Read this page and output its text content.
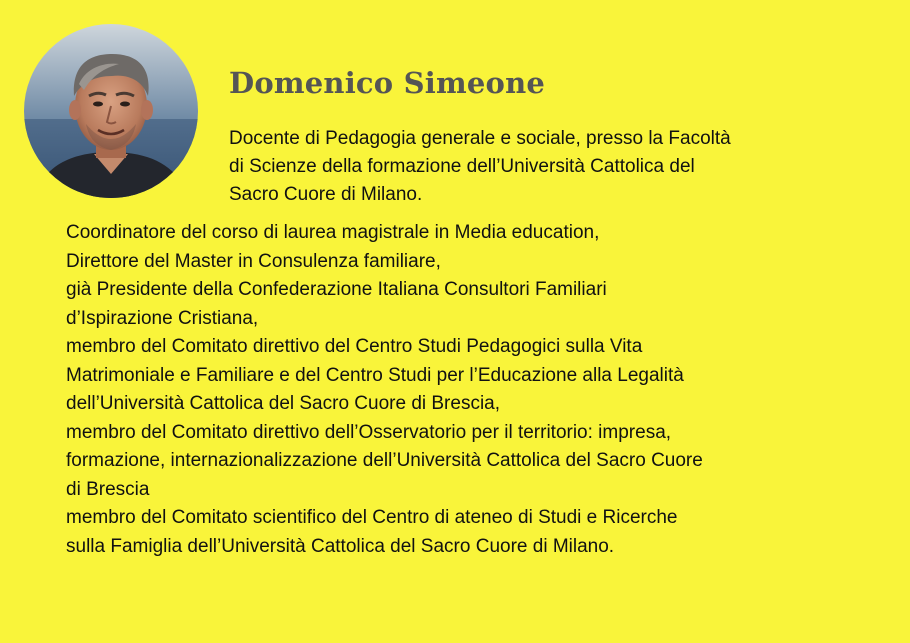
Domenico Simeone
Docente di Pedagogia generale e sociale, presso la Facoltà
di Scienze della formazione dell’Università Cattolica del
Sacro Cuore di Milano.
Coordinatore del corso di laurea magistrale in Media education,
Direttore del Master in Consulenza familiare,
già Presidente della Confederazione Italiana Consultori Familiari
d’Ispirazione Cristiana,
membro del Comitato direttivo del Centro Studi Pedagogici sulla Vita
Matrimoniale e Familiare e del Centro Studi per l’Educazione alla Legalità
dell’Università Cattolica del Sacro Cuore di Brescia,
membro del Comitato direttivo dell’Osservatorio per il territorio: impresa,
formazione, internazionalizzazione dell’Università Cattolica del Sacro Cuore
di Brescia
membro del Comitato scientifico del Centro di ateneo di Studi e Ricerche
sulla Famiglia dell’Università Cattolica del Sacro Cuore di Milano.
